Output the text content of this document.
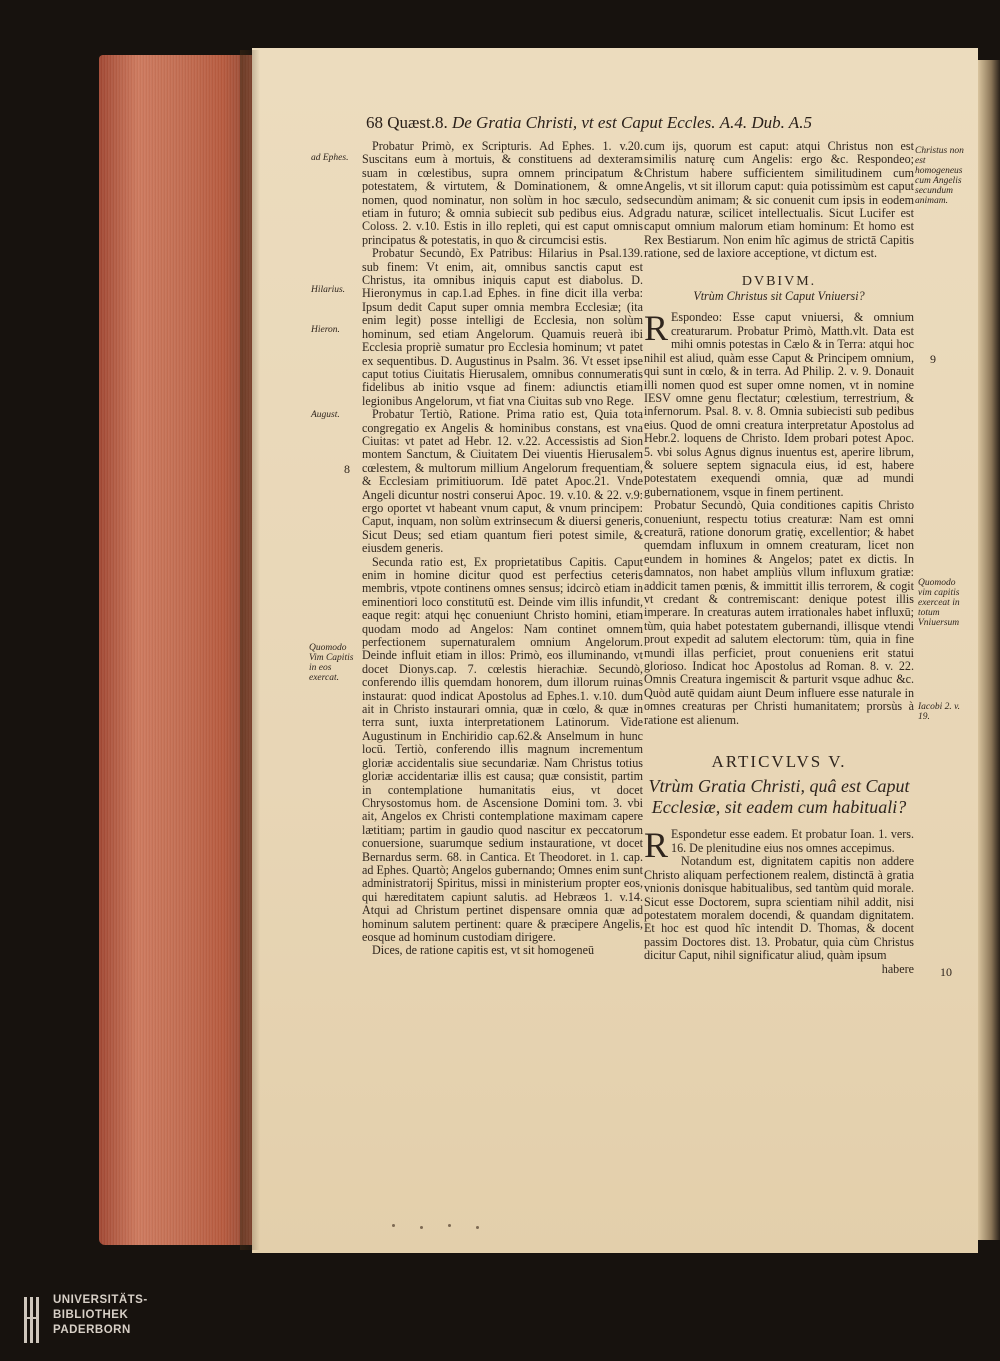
68 Quæst.8. De Gratia Christi, vt est Caput Eccles. A.4. Dub. A.5
ad Ephes.
Hilarius.
Hieron.
August.
8
Quomodo Vim Capitis in eos exercat.
Christus non est homogeneus cum Angelis secundum animam.
9
Quomodo vim capitis exerceat in totum Vniuersum
Iacobi 2. v. 19.
10

Probatur Primò, ex Scripturis. Ad Ephes. 1. v.20. Suscitans eum à mortuis, & constituens ad dexteram suam in cœlestibus, supra omnem principatum & potestatem, & virtutem, & Dominationem, & omne nomen, quod nominatur, non solùm in hoc sæculo, sed etiam in futuro; & omnia subiecit sub pedibus eius. Ad Coloss. 2. v.10. Estis in illo repleti, qui est caput omnis principatus & potestatis, in quo & circumcisi estis.

Probatur Secundò, Ex Patribus: Hilarius in Psal.139. sub finem: Vt enim, ait, omnibus sanctis caput est Christus, ita omnibus iniquis caput est diabolus. D. Hieronymus in cap.1.ad Ephes. in fine dicit illa verba: Ipsum dedit Caput super omnia membra Ecclesiæ; (ita enim legit) posse intelligi de Ecclesia, non solùm hominum, sed etiam Angelorum. Quamuis reuerà ibi Ecclesia propriè sumatur pro Ecclesia hominum; vt patet ex sequentibus. D. Augustinus in Psalm. 36. Vt esset ipse caput totius Ciuitatis Hierusalem, omnibus connumeratis fidelibus ab initio vsque ad finem: adiunctis etiam legionibus Angelorum, vt fiat vna Ciuitas sub vno Rege.

Probatur Tertiò, Ratione. Prima ratio est, Quia tota congregatio ex Angelis & hominibus constans, est vna Ciuitas: vt patet ad Hebr. 12. v.22. Accessistis ad Sion montem Sanctum, & Ciuitatem Dei viuentis Hierusalem cœlestem, & multorum millium Angelorum frequentiam, & Ecclesiam primitiuorum. Idē patet Apoc.21. Vnde Angeli dicuntur nostri conserui Apoc. 19. v.10. & 22. v.9: ergo oportet vt habeant vnum caput, & vnum principem: Caput, inquam, non solùm extrinsecum & diuersi generis, Sicut Deus; sed etiam quantum fieri potest simile, & eiusdem generis.

Secunda ratio est, Ex proprietatibus Capitis. Caput enim in homine dicitur quod est perfectius ceteris membris, vtpote continens omnes sensus; idcircò etiam in eminentiori loco constitutū est. Deinde vim illis infundit, eaque regit: atqui hęc conueniunt Christo homini, etiam quodam modo ad Angelos: Nam continet omnem perfectionem supernaturalem omnium Angelorum. Deinde influit etiam in illos: Primò, eos illuminando, vt docet Dionys.cap. 7. cœlestis hierachiæ. Secundò, conferendo illis quemdam honorem, dum illorum ruinas instaurat: quod indicat Apostolus ad Ephes.1. v.10. dum ait in Christo instaurari omnia, quæ in cœlo, & quæ in terra sunt, iuxta interpretationem Latinorum. Vide Augustinum in Enchiridio cap.62.& Anselmum in hunc locū. Tertiò, conferendo illis magnum incrementum gloriæ accidentalis siue secundariæ. Nam Christus totius gloriæ accidentariæ illis est causa; quæ consistit, partim in contemplatione humanitatis eius, vt docet Chrysostomus hom. de Ascensione Domini tom. 3. vbi ait, Angelos ex Christi contemplatione maximam capere lætitiam; partim in gaudio quod nascitur ex peccatorum conuersione, suarumque sedium instauratione, vt docet Bernardus serm. 68. in Cantica. Et Theodoret. in 1. cap. ad Ephes. Quartò; Angelos gubernando; Omnes enim sunt administratorij Spiritus, missi in ministerium propter eos, qui hæreditatem capiunt salutis. ad Hebræos 1. v.14. Atqui ad Christum pertinet dispensare omnia quæ ad hominum salutem pertinent: quare & præcipere Angelis, eosque ad hominum custodiam dirigere.

Dices, de ratione capitis est, vt sit homogeneū

cum ijs, quorum est caput: atqui Christus non est similis naturę cum Angelis: ergo &c. Respondeo; Christum habere sufficientem similitudinem cum Angelis, vt sit illorum caput: quia potissimùm est caput secundùm animam; & sic conuenit cum ipsis in eodem gradu naturæ, scilicet intellectualis. Sicut Lucifer est caput omnium malorum etiam hominum: Et homo est Rex Bestiarum. Non enim hîc agimus de strictā Capitis ratione, sed de laxiore acceptione, vt dictum est.

DVBIVM.
Vtrùm Christus sit Caput Vniuersi?

R Espondeo: Esse caput vniuersi, & omnium creaturarum. Probatur Primò, Matth.vlt. Data est mihi omnis potestas in Cælo & in Terra: atqui hoc nihil est aliud, quàm esse Caput & Principem omnium, qui sunt in cœlo, & in terra. Ad Philip. 2. v. 9. Donauit illi nomen quod est super omne nomen, vt in nomine IESV omne genu flectatur; cœlestium, terrestrium, & infernorum. Psal. 8. v. 8. Omnia subiecisti sub pedibus eius. Quod de omni creatura interpretatur Apostolus ad Hebr.2. loquens de Christo. Idem probari potest Apoc. 5. vbi solus Agnus dignus inuentus est, aperire librum, & soluere septem signacula eius, id est, habere potestatem exequendi omnia, quæ ad mundi gubernationem, vsque in finem pertinent.

Probatur Secundò, Quia conditiones capitis Christo conueniunt, respectu totius creaturæ: Nam est omni creaturā, ratione donorum gratię, excellentior; & habet quemdam influxum in omnem creaturam, licet non eundem in homines & Angelos; patet ex dictis. In damnatos, non habet ampliùs vllum influxum gratiæ: addicit tamen pœnis, & immittit illis terrorem, & cogit vt credant & contremiscant: denique potest illis imperare. In creaturas autem irrationales habet influxū; tùm, quia habet potestatem gubernandi, illisque vtendi prout expedit ad salutem electorum: tùm, quia in fine mundi illas perficiet, prout conueniens erit statui glorioso. Indicat hoc Apostolus ad Roman. 8. v. 22. Omnis Creatura ingemiscit & parturit vsque adhuc &c. Quòd autē quidam aiunt Deum influere esse naturale in omnes creaturas per Christi humanitatem; prorsùs à ratione est alienum.

ARTICVLVS V.
Vtrùm Gratia Christi, quâ est Caput Ecclesiæ, sit eadem cum habituali?

R Espondetur esse eadem. Et probatur Ioan. 1. vers. 16. De plenitudine eius nos omnes accepimus.

Notandum est, dignitatem capitis non addere Christo aliquam perfectionem realem, distinctā à gratia vnionis donisque habitualibus, sed tantùm quid morale. Sicut esse Doctorem, supra scientiam nihil addit, nisi potestatem moralem docendi, & quandam dignitatem. Et hoc est quod hîc intendit D. Thomas, & docent passim Doctores dist. 13. Probatur, quia cùm Christus dicitur Caput, nihil significatur aliud, quàm ipsum

habere
UNIVERSITÄTS-
BIBLIOTHEK
PADERBORN
